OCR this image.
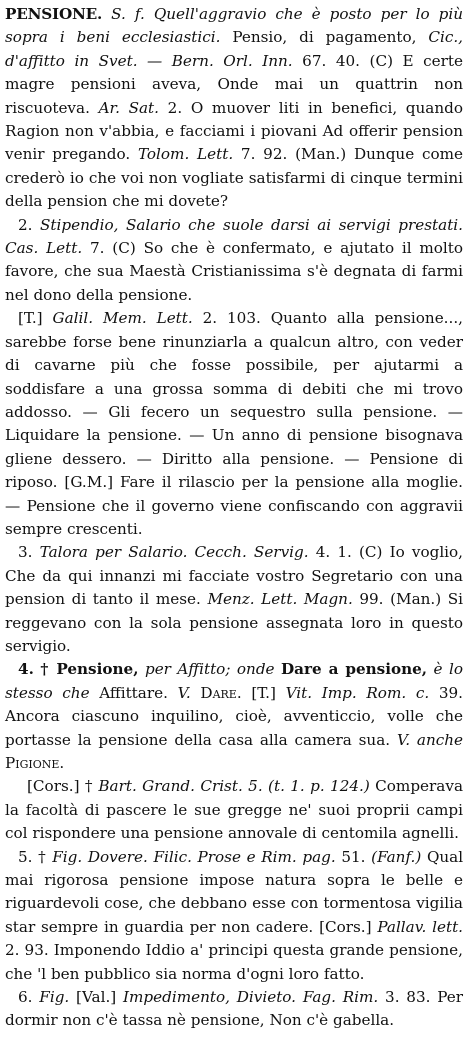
PENSIONE. S. f. Quell'aggravio che è posto per lo più sopra i beni ecclesiastici. Pensio, di pagamento, Cic., d'affitto in Svet. — Bern. Orl. Inn. 67. 40. (C) E certe magre pensioni aveva, Onde mai un quattrin non riscuoteva. Ar. Sat. 2. O muover liti in benefici, quando Ragion non v'abbia, e facciami i piovani Ad offerir pension venir pregando. Tolom. Lett. 7. 92. (Man.) Dunque come crederò io che voi non vogliate satisfarmi di cinque termini della pension che mi dovete?

2. Stipendio, Salario che suole darsi ai servigi prestati. Cas. Lett. 7. (C) So che è confermato, e ajutato il molto favore, che sua Maestà Cristianissima s'è degnata di farmi nel dono della pensione.

[T.] Galil. Mem. Lett. 2. 103. Quanto alla pensione..., sarebbe forse bene rinunziarla a qualcun altro, con veder di cavarne più che fosse possibile, per ajutarmi a soddisfare a una grossa somma di debiti che mi trovo addosso. — Gli fecero un sequestro sulla pensione. — Liquidare la pensione. — Un anno di pensione bisognava gliene dessero. — Diritto alla pensione. — Pensione di riposo. [G.M.] Fare il rilascio per la pensione alla moglie. — Pensione che il governo viene confiscando con aggravii sempre crescenti.

3. Talora per Salario. Cecch. Servig. 4. 1. (C) Io voglio, Che da qui innanzi mi facciate vostro Segretario con una pension di tanto il mese. Menz. Lett. Magn. 99. (Man.) Si reggevano con la sola pensione assegnata loro in questo servigio.

4. † Pensione, per Affitto; onde Dare a pensione, è lo stesso che Affittare. V. Dare. [T.] Vit. Imp. Rom. c. 39. Ancora ciascuno inquilino, cioè, avventiccio, volle che portasse la pensione della casa alla camera sua. V. anche Pigione.

[Cors.] † Bart. Grand. Crist. 5. (t. 1. p. 124.) Comperava la facoltà di pascere le sue gregge ne' suoi proprii campi col rispondere una pensione annovale di centomila agnelli.

5. † Fig. Dovere. Filic. Prose e Rim. pag. 51. (Fanf.) Qual mai rigorosa pensione impose natura sopra le belle e riguardevoli cose, che debbano esse con tormentosa vigilia star sempre in guardia per non cadere. [Cors.] Pallav. lett. 2. 93. Imponendo Iddio a' principi questa grande pensione, che 'l ben pubblico sia norma d'ogni loro fatto.

6. Fig. [Val.] Impedimento, Divieto. Fag. Rim. 3. 83. Per dormir non c'è tassa nè pensione, Non c'è gabella.
